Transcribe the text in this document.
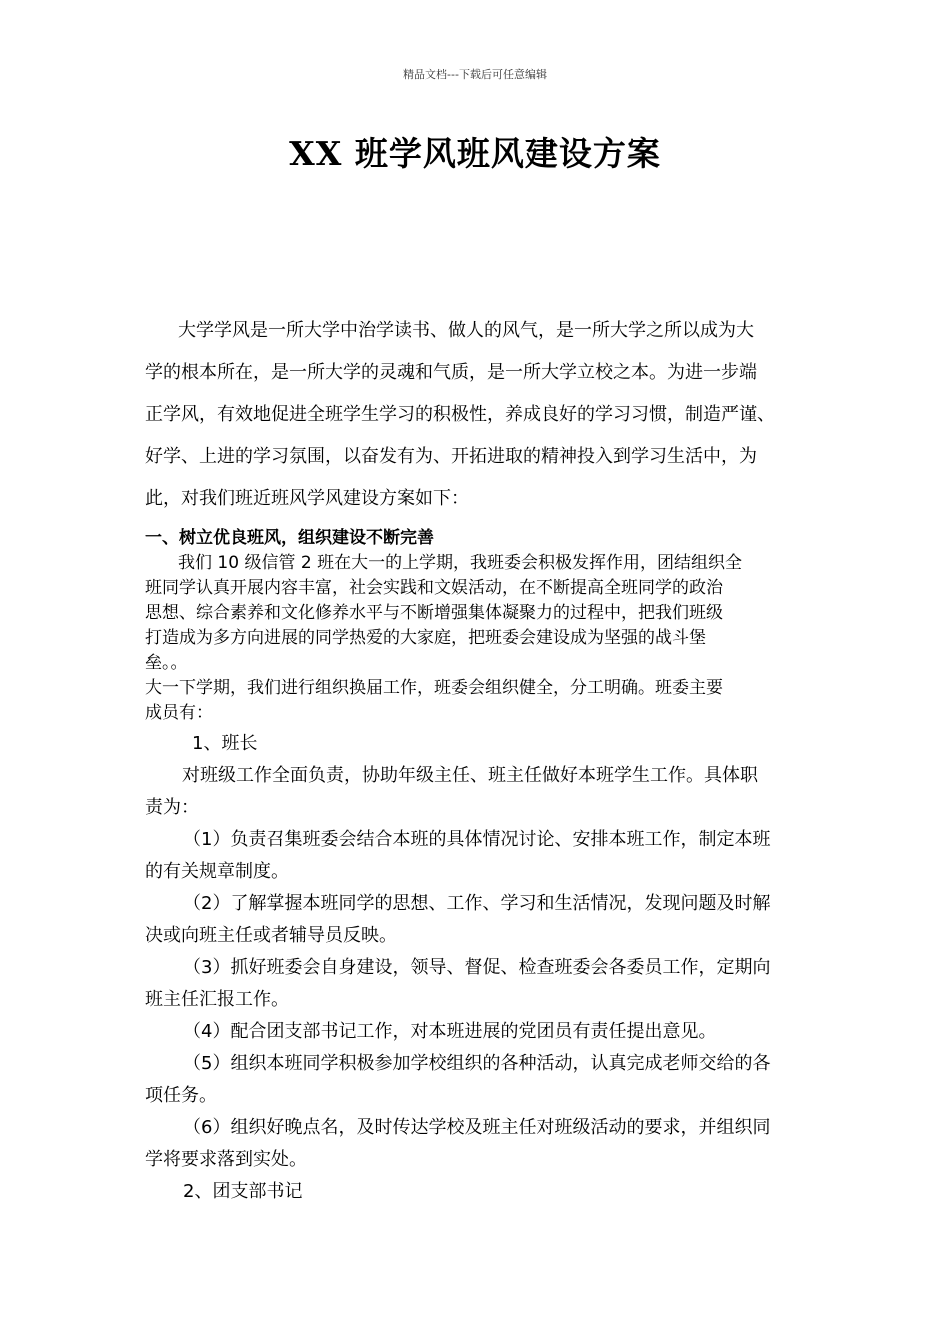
精品文档---下载后可任意编辑
XX 班学风班风建设方案
大学学风是一所大学中治学读书、做人的风气，是一所大学之所以成为大
学的根本所在，是一所大学的灵魂和气质，是一所大学立校之本。为进一步端
正学风，有效地促进全班学生学习的积极性，养成良好的学习习惯，制造严谨、
好学、上进的学习氛围，以奋发有为、开拓进取的精神投入到学习生活中，为
此，对我们班近班风学风建设方案如下：
一、树立优良班风，组织建设不断完善
我们 10 级信管 2 班在大一的上学期，我班委会积极发挥作用，团结组织全
班同学认真开展内容丰富，社会实践和文娱活动，在不断提高全班同学的政治
思想、综合素养和文化修养水平与不断增强集体凝聚力的过程中，把我们班级
打造成为多方向进展的同学热爱的大家庭，把班委会建设成为坚强的战斗堡
垒。。
大一下学期，我们进行组织换届工作，班委会组织健全，分工明确。班委主要
成员有：
1、班长
对班级工作全面负责，协助年级主任、班主任做好本班学生工作。具体职
责为：
（1）负责召集班委会结合本班的具体情况讨论、安排本班工作，制定本班
的有关规章制度。
（2）了解掌握本班同学的思想、工作、学习和生活情况，发现问题及时解
决或向班主任或者辅导员反映。
（3）抓好班委会自身建设，领导、督促、检查班委会各委员工作，定期向
班主任汇报工作。
（4）配合团支部书记工作，对本班进展的党团员有责任提出意见。
（5）组织本班同学积极参加学校组织的各种活动，认真完成老师交给的各
项任务。
（6）组织好晚点名，及时传达学校及班主任对班级活动的要求，并组织同
学将要求落到实处。
2、团支部书记
